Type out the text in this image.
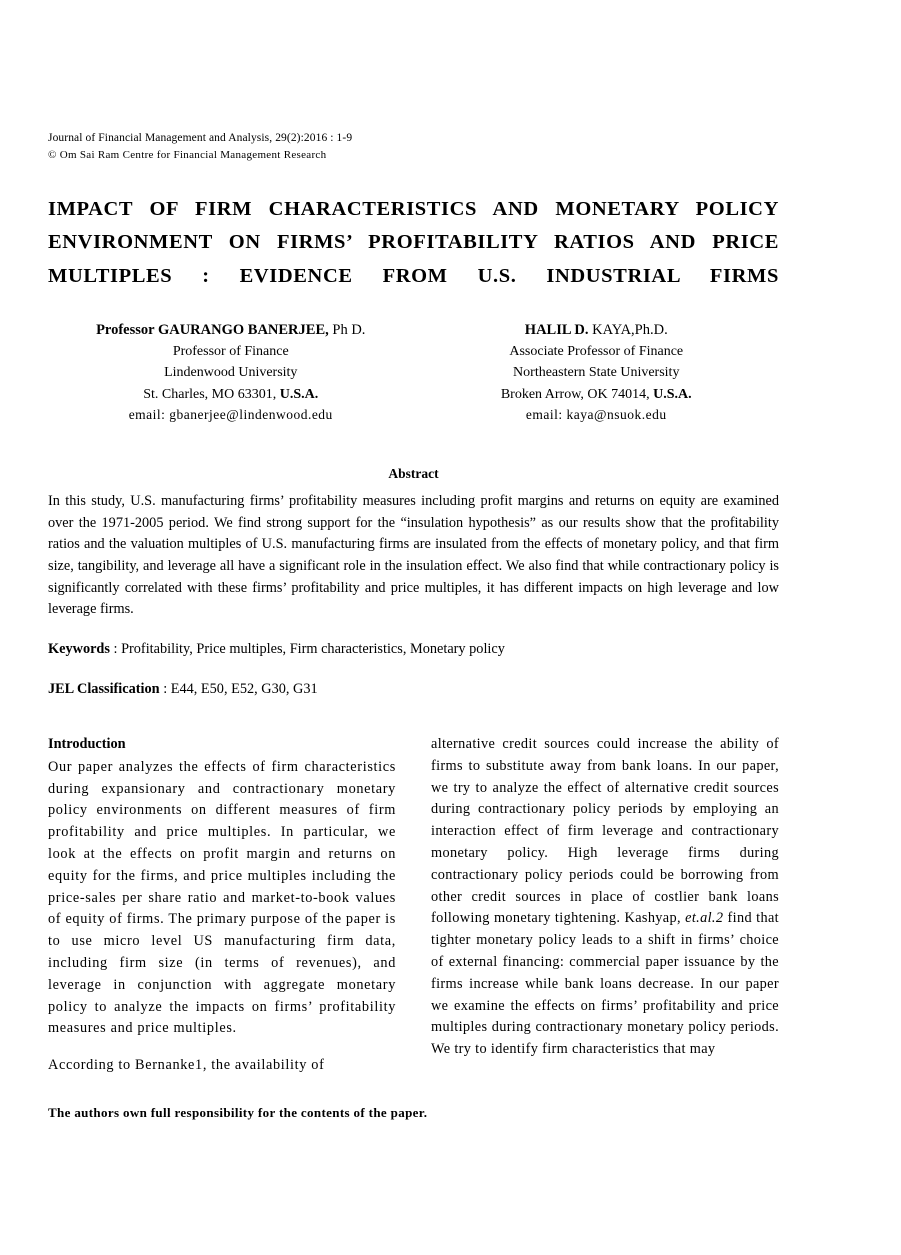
Journal of Financial Management and Analysis, 29(2):2016 : 1-9
© Om Sai Ram Centre for Financial Management Research
IMPACT OF FIRM CHARACTERISTICS AND MONETARY POLICY ENVIRONMENT ON FIRMS’ PROFITABILITY RATIOS AND PRICE MULTIPLES : EVIDENCE FROM U.S. INDUSTRIAL FIRMS
Professor GAURANGO BANERJEE, Ph D.
Professor of Finance
Lindenwood University
St. Charles, MO 63301, U.S.A.
email: gbanerjee@lindenwood.edu
HALIL D. KAYA,Ph.D.
Associate Professor of Finance
Northeastern State University
Broken Arrow, OK 74014, U.S.A.
email: kaya@nsuok.edu
Abstract
In this study, U.S. manufacturing firms’ profitability measures including profit margins and returns on equity are examined over the 1971-2005 period. We find strong support for the “insulation hypothesis” as our results show that the profitability ratios and the valuation multiples of U.S. manufacturing firms are insulated from the effects of monetary policy, and that firm size, tangibility, and leverage all have a significant role in the insulation effect. We also find that while contractionary policy is significantly correlated with these firms’ profitability and price multiples, it has different impacts on high leverage and low leverage firms.
Keywords : Profitability, Price multiples, Firm characteristics, Monetary policy
JEL Classification : E44, E50, E52, G30, G31
Introduction

Our paper analyzes the effects of firm characteristics during expansionary and contractionary monetary policy environments on different measures of firm profitability and price multiples. In particular, we look at the effects on profit margin and returns on equity for the firms, and price multiples including the price-sales per share ratio and market-to-book values of equity of firms. The primary purpose of the paper is to use micro level US manufacturing firm data, including firm size (in terms of revenues), and leverage in conjunction with aggregate monetary policy to analyze the impacts on firms’ profitability measures and price multiples.

According to Bernanke1, the availability of

alternative credit sources could increase the ability of firms to substitute away from bank loans. In our paper, we try to analyze the effect of alternative credit sources during contractionary policy periods by employing an interaction effect of firm leverage and contractionary monetary policy. High leverage firms during contractionary policy periods could be borrowing from other credit sources in place of costlier bank loans following monetary tightening. Kashyap, et.al.2 find that tighter monetary policy leads to a shift in firms’ choice of external financing: commercial paper issuance by the firms increase while bank loans decrease. In our paper we examine the effects on firms’ profitability and price multiples during contractionary monetary policy periods. We try to identify firm characteristics that may

The authors own full responsibility for the contents of the paper.
